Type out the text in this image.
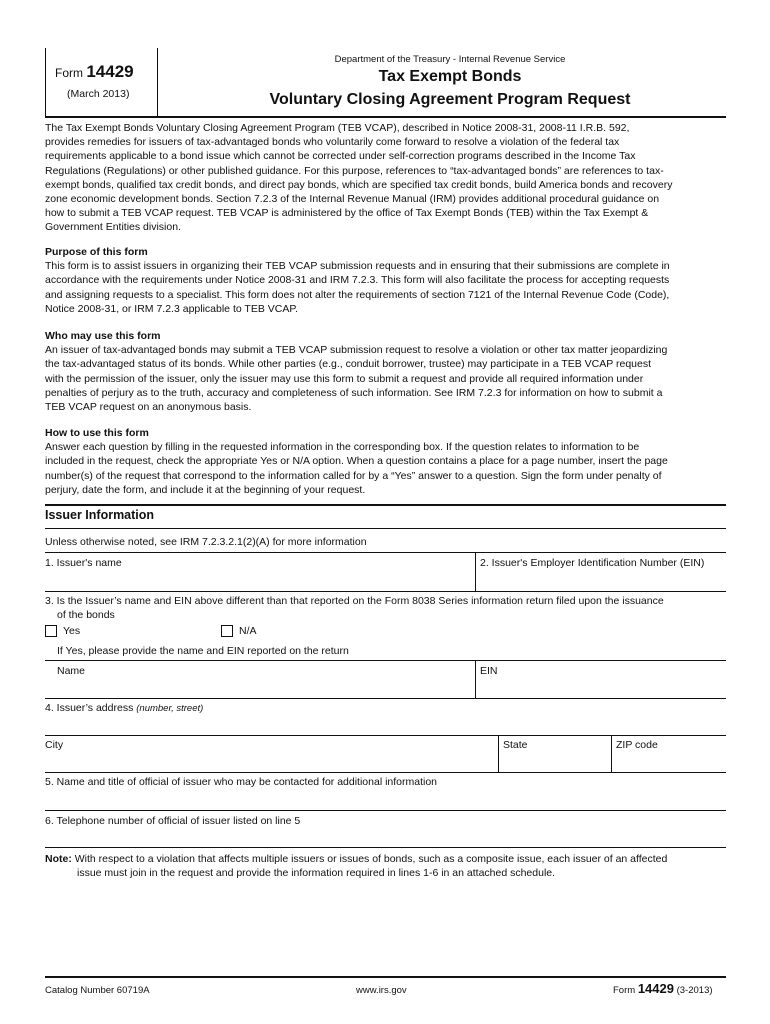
Form 14429
(March 2013)
Department of the Treasury - Internal Revenue Service
Tax Exempt Bonds
Voluntary Closing Agreement Program Request

The Tax Exempt Bonds Voluntary Closing Agreement Program (TEB VCAP), described in Notice 2008-31, 2008-11 I.R.B. 592,

provides remedies for issuers of tax-advantaged bonds who voluntarily come forward to resolve a violation of the federal tax

requirements applicable to a bond issue which cannot be corrected under self-correction programs described in the Income Tax

Regulations (Regulations) or other published guidance. For this purpose, references to “tax-advantaged bonds” are references to tax-

exempt bonds, qualified tax credit bonds, and direct pay bonds, which are specified tax credit bonds, build America bonds and recovery

zone economic development bonds. Section 7.2.3 of the Internal Revenue Manual (IRM) provides additional procedural guidance on

how to submit a TEB VCAP request. TEB VCAP is administered by the office of Tax Exempt Bonds (TEB) within the Tax Exempt &

Government Entities division.

Purpose of this form

This form is to assist issuers in organizing their TEB VCAP submission requests and in ensuring that their submissions are complete in

accordance with the requirements under Notice 2008-31 and IRM 7.2.3. This form will also facilitate the process for accepting requests

and assigning requests to a specialist. This form does not alter the requirements of section 7121 of the Internal Revenue Code (Code),

Notice 2008-31, or IRM 7.2.3 applicable to TEB VCAP.

Who may use this form

An issuer of tax-advantaged bonds may submit a TEB VCAP submission request to resolve a violation or other tax matter jeopardizing

the tax-advantaged status of its bonds. While other parties (e.g., conduit borrower, trustee) may participate in a TEB VCAP request

with the permission of the issuer, only the issuer may use this form to submit a request and provide all required information under

penalties of perjury as to the truth, accuracy and completeness of such information. See IRM 7.2.3 for information on how to submit a

TEB VCAP request on an anonymous basis.

How to use this form

Answer each question by filling in the requested information in the corresponding box. If the question relates to information to be

included in the request, check the appropriate Yes or N/A option. When a question contains a place for a page number, insert the page

number(s) of the request that correspond to the information called for by a “Yes” answer to a question. Sign the form under penalty of

perjury, date the form, and include it at the beginning of your request.

Issuer Information
Unless otherwise noted, see IRM 7.2.3.2.1(2)(A) for more information
1. Issuer's name	2. Issuer's Employer Identification Number (EIN)
3. Is the Issuer’s name and EIN above different than that reported on the Form 8038 Series information return filed upon the issuance
of the bonds
Yes	N/A
If Yes, please provide the name and EIN reported on the return
Name	EIN
4. Issuer’s address (number, street)
City	State	ZIP code
5. Name and title of official of issuer who may be contacted for additional information
6. Telephone number of official of issuer listed on line 5
Note: With respect to a violation that affects multiple issuers or issues of bonds, such as a composite issue, each issuer of an affected
issue must join in the request and provide the information required in lines 1-6 in an attached schedule.
Catalog Number 60719A	www.irs.gov	Form 14429 (3-2013)
